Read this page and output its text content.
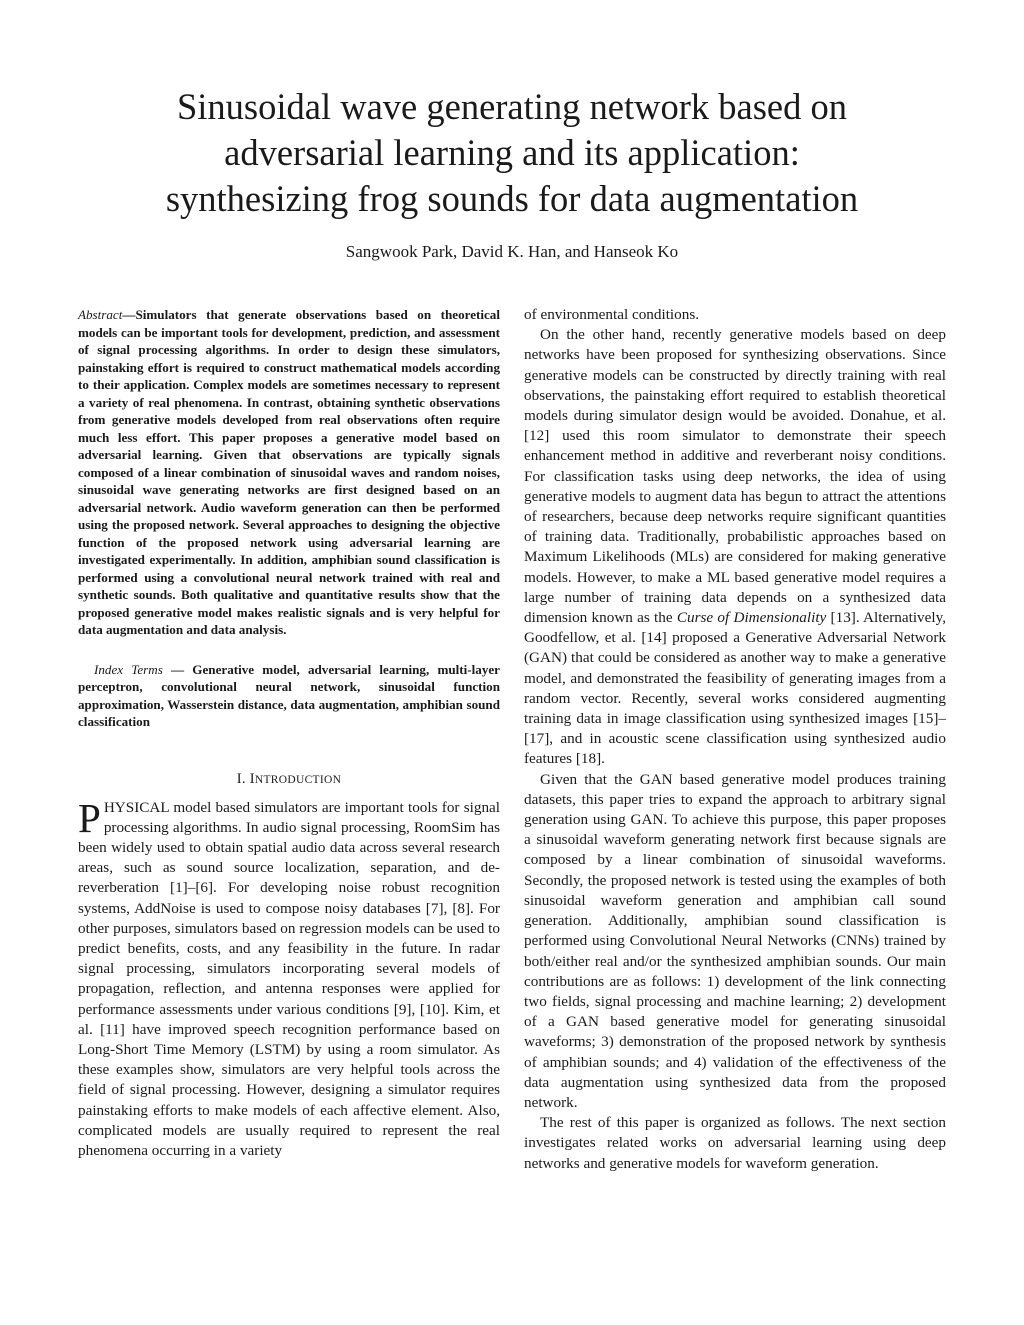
Sinusoidal wave generating network based on
adversarial learning and its application:
synthesizing frog sounds for data augmentation

Sangwook Park, David K. Han, and Hanseok Ko

Abstract—Simulators that generate observations based on theoretical models can be important tools for development, prediction, and assessment of signal processing algorithms. In order to design these simulators, painstaking effort is required to construct mathematical models according to their application. Complex models are sometimes necessary to represent a variety of real phenomena. In contrast, obtaining synthetic observations from generative models developed from real observations often require much less effort. This paper proposes a generative model based on adversarial learning. Given that observations are typically signals composed of a linear combination of sinusoidal waves and random noises, sinusoidal wave generating networks are first designed based on an adversarial network. Audio waveform generation can then be performed using the proposed network. Several approaches to designing the objective function of the proposed network using adversarial learning are investigated experimentally. In addition, amphibian sound classification is performed using a convolutional neural network trained with real and synthetic sounds. Both qualitative and quantitative results show that the proposed generative model makes realistic signals and is very helpful for data augmentation and data analysis.

Index Terms — Generative model, adversarial learning, multi-layer perceptron, convolutional neural network, sinusoidal function approximation, Wasserstein distance, data augmentation, amphibian sound classification

I. INTRODUCTION

PHYSICAL model based simulators are important tools for signal processing algorithms. In audio signal processing, RoomSim has been widely used to obtain spatial audio data across several research areas, such as sound source localization, separation, and de-reverberation [1]–[6]. For developing noise robust recognition systems, AddNoise is used to compose noisy databases [7], [8]. For other purposes, simulators based on regression models can be used to predict benefits, costs, and any feasibility in the future. In radar signal processing, simulators incorporating several models of propagation, reflection, and antenna responses were applied for performance assessments under various conditions [9], [10]. Kim, et al. [11] have improved speech recognition performance based on Long-Short Time Memory (LSTM) by using a room simulator. As these examples show, simulators are very helpful tools across the field of signal processing. However, designing a simulator requires painstaking efforts to make models of each affective element. Also, complicated models are usually required to represent the real phenomena occurring in a variety

of environmental conditions.

On the other hand, recently generative models based on deep networks have been proposed for synthesizing observations. Since generative models can be constructed by directly training with real observations, the painstaking effort required to establish theoretical models during simulator design would be avoided. Donahue, et al. [12] used this room simulator to demonstrate their speech enhancement method in additive and reverberant noisy conditions. For classification tasks using deep networks, the idea of using generative models to augment data has begun to attract the attentions of researchers, because deep networks require significant quantities of training data. Traditionally, probabilistic approaches based on Maximum Likelihoods (MLs) are considered for making generative models. However, to make a ML based generative model requires a large number of training data depends on a synthesized data dimension known as the Curse of Dimensionality [13]. Alternatively, Goodfellow, et al. [14] proposed a Generative Adversarial Network (GAN) that could be considered as another way to make a generative model, and demonstrated the feasibility of generating images from a random vector. Recently, several works considered augmenting training data in image classification using synthesized images [15]–[17], and in acoustic scene classification using synthesized audio features [18].

Given that the GAN based generative model produces training datasets, this paper tries to expand the approach to arbitrary signal generation using GAN. To achieve this purpose, this paper proposes a sinusoidal waveform generating network first because signals are composed by a linear combination of sinusoidal waveforms. Secondly, the proposed network is tested using the examples of both sinusoidal waveform generation and amphibian call sound generation. Additionally, amphibian sound classification is performed using Convolutional Neural Networks (CNNs) trained by both/either real and/or the synthesized amphibian sounds. Our main contributions are as follows: 1) development of the link connecting two fields, signal processing and machine learning; 2) development of a GAN based generative model for generating sinusoidal waveforms; 3) demonstration of the proposed network by synthesis of amphibian sounds; and 4) validation of the effectiveness of the data augmentation using synthesized data from the proposed network.

The rest of this paper is organized as follows. The next section investigates related works on adversarial learning using deep networks and generative models for waveform generation.
